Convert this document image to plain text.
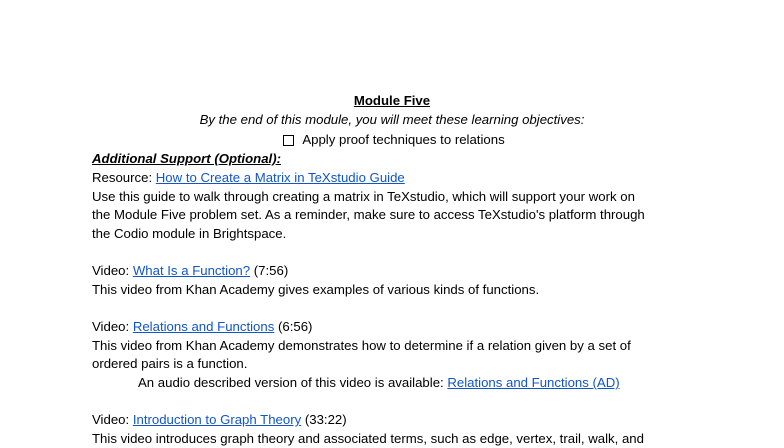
Module Five
By the end of this module, you will meet these learning objectives:
Apply proof techniques to relations
Additional Support (Optional):
Resource: How to Create a Matrix in TeXstudio Guide
Use this guide to walk through creating a matrix in TeXstudio, which will support your work on
the Module Five problem set. As a reminder, make sure to access TeXstudio's platform through
the Codio module in Brightspace.
Video: What Is a Function? (7:56)
This video from Khan Academy gives examples of various kinds of functions.
Video: Relations and Functions (6:56)
This video from Khan Academy demonstrates how to determine if a relation given by a set of
ordered pairs is a function.
An audio described version of this video is available: Relations and Functions (AD)
Video: Introduction to Graph Theory (33:22)
This video introduces graph theory and associated terms, such as edge, vertex, trail, walk, and
